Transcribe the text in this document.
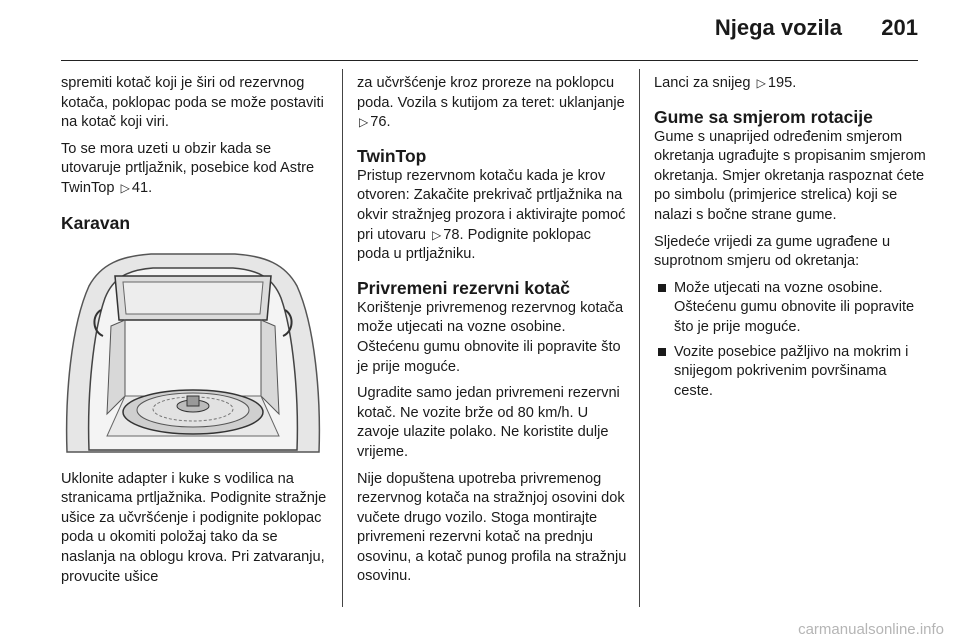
Njega vozila 201

spremiti kotač koji je širi od rezervnog kotača, poklopac poda se može postaviti na kotač koji viri.

To se mora uzeti u obzir kada se utovaruje prtljažnik, posebice kod Astre TwinTop ▷ 41.

Karavan

Uklonite adapter i kuke s vodilica na stranicama prtljažnika. Podignite stražnje ušice za učvršćenje i podignite poklopac poda u okomiti položaj tako da se naslanja na oblogu krova. Pri zatvaranju, provucite ušice

za učvršćenje kroz proreze na poklopcu poda. Vozila s kutijom za teret: uklanjanje ▷ 76.

TwinTop

Pristup rezervnom kotaču kada je krov otvoren: Zakačite prekrivač prtljažnika na okvir stražnjeg prozora i aktivirajte pomoć pri utovaru ▷ 78. Podignite poklopac poda u prtljažniku.

Privremeni rezervni kotač

Korištenje privremenog rezervnog kotača može utjecati na vozne osobine. Oštećenu gumu obnovite ili popravite što je prije moguće.

Ugradite samo jedan privremeni rezervni kotač. Ne vozite brže od 80 km/h. U zavoje ulazite polako. Ne koristite dulje vrijeme.

Nije dopuštena upotreba privremenog rezervnog kotača na stražnjoj osovini dok vučete drugo vozilo. Stoga montirajte privremeni rezervni kotač na prednju osovinu, a kotač punog profila na stražnju osovinu.

Lanci za snijeg ▷ 195.

Gume sa smjerom rotacije

Gume s unaprijed određenim smjerom okretanja ugrađujte s propisanim smjerom okretanja. Smjer okretanja raspoznat ćete po simbolu (primjerice strelica) koji se nalazi s bočne strane gume.

Sljedeće vrijedi za gume ugrađene u suprotnom smjeru od okretanja:

Može utjecati na vozne osobine. Oštećenu gumu obnovite ili popravite što je prije moguće.
Vozite posebice pažljivo na mokrim i snijegom pokrivenim površinama ceste.
carmanualsonline.info
